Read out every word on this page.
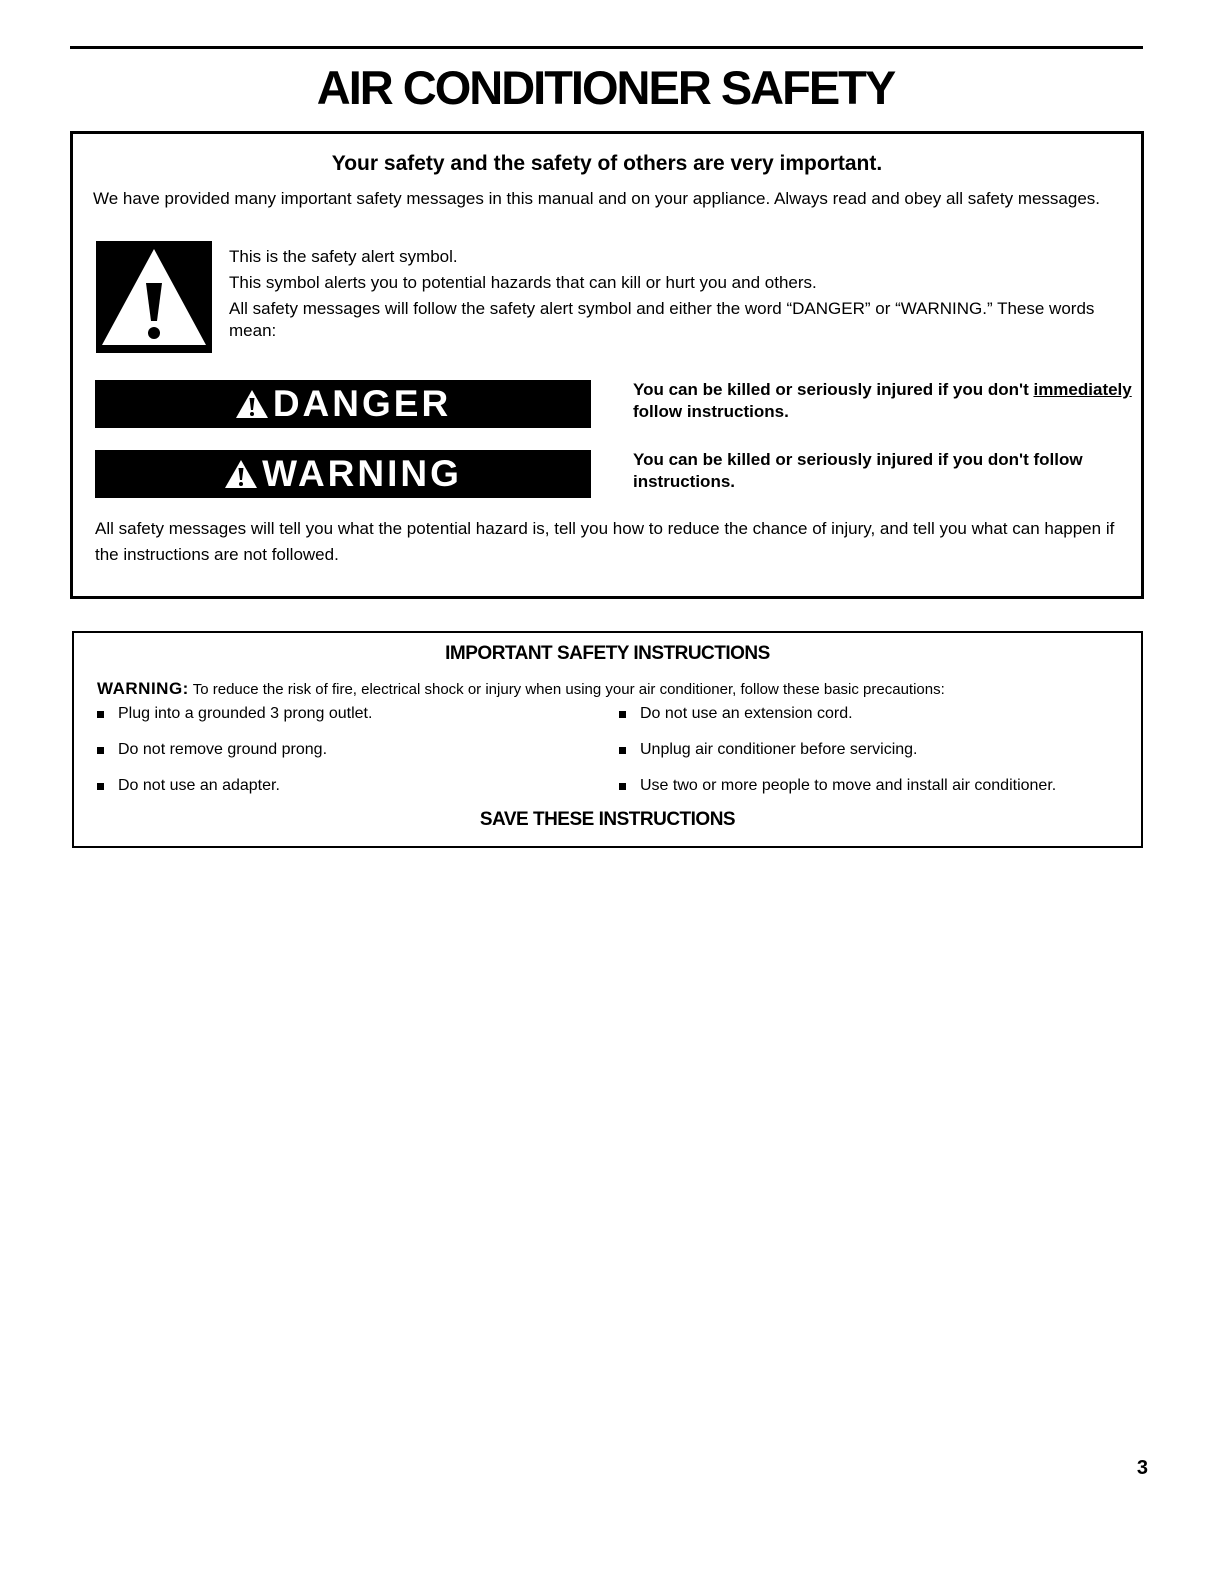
AIR CONDITIONER SAFETY
Your safety and the safety of others are very important.

We have provided many important safety messages in this manual and on your appliance. Always read and obey all safety messages.

This is the safety alert symbol.

This symbol alerts you to potential hazards that can kill or hurt you and others.

All safety messages will follow the safety alert symbol and either the word “DANGER” or “WARNING.” These words mean:

DANGER	You can be killed or seriously injured if you don't immediately follow instructions.
WARNING	You can be killed or seriously injured if you don't follow instructions.

All safety messages will tell you what the potential hazard is, tell you how to reduce the chance of injury, and tell you what can happen if the instructions are not followed.

IMPORTANT SAFETY INSTRUCTIONS
WARNING: To reduce the risk of fire, electrical shock or injury when using your air conditioner, follow these basic precautions:
Plug into a grounded 3 prong outlet.
Do not remove ground prong.
Do not use an adapter.
Do not use an extension cord.
Unplug air conditioner before servicing.
Use two or more people to move and install air conditioner.
SAVE THESE INSTRUCTIONS
3
